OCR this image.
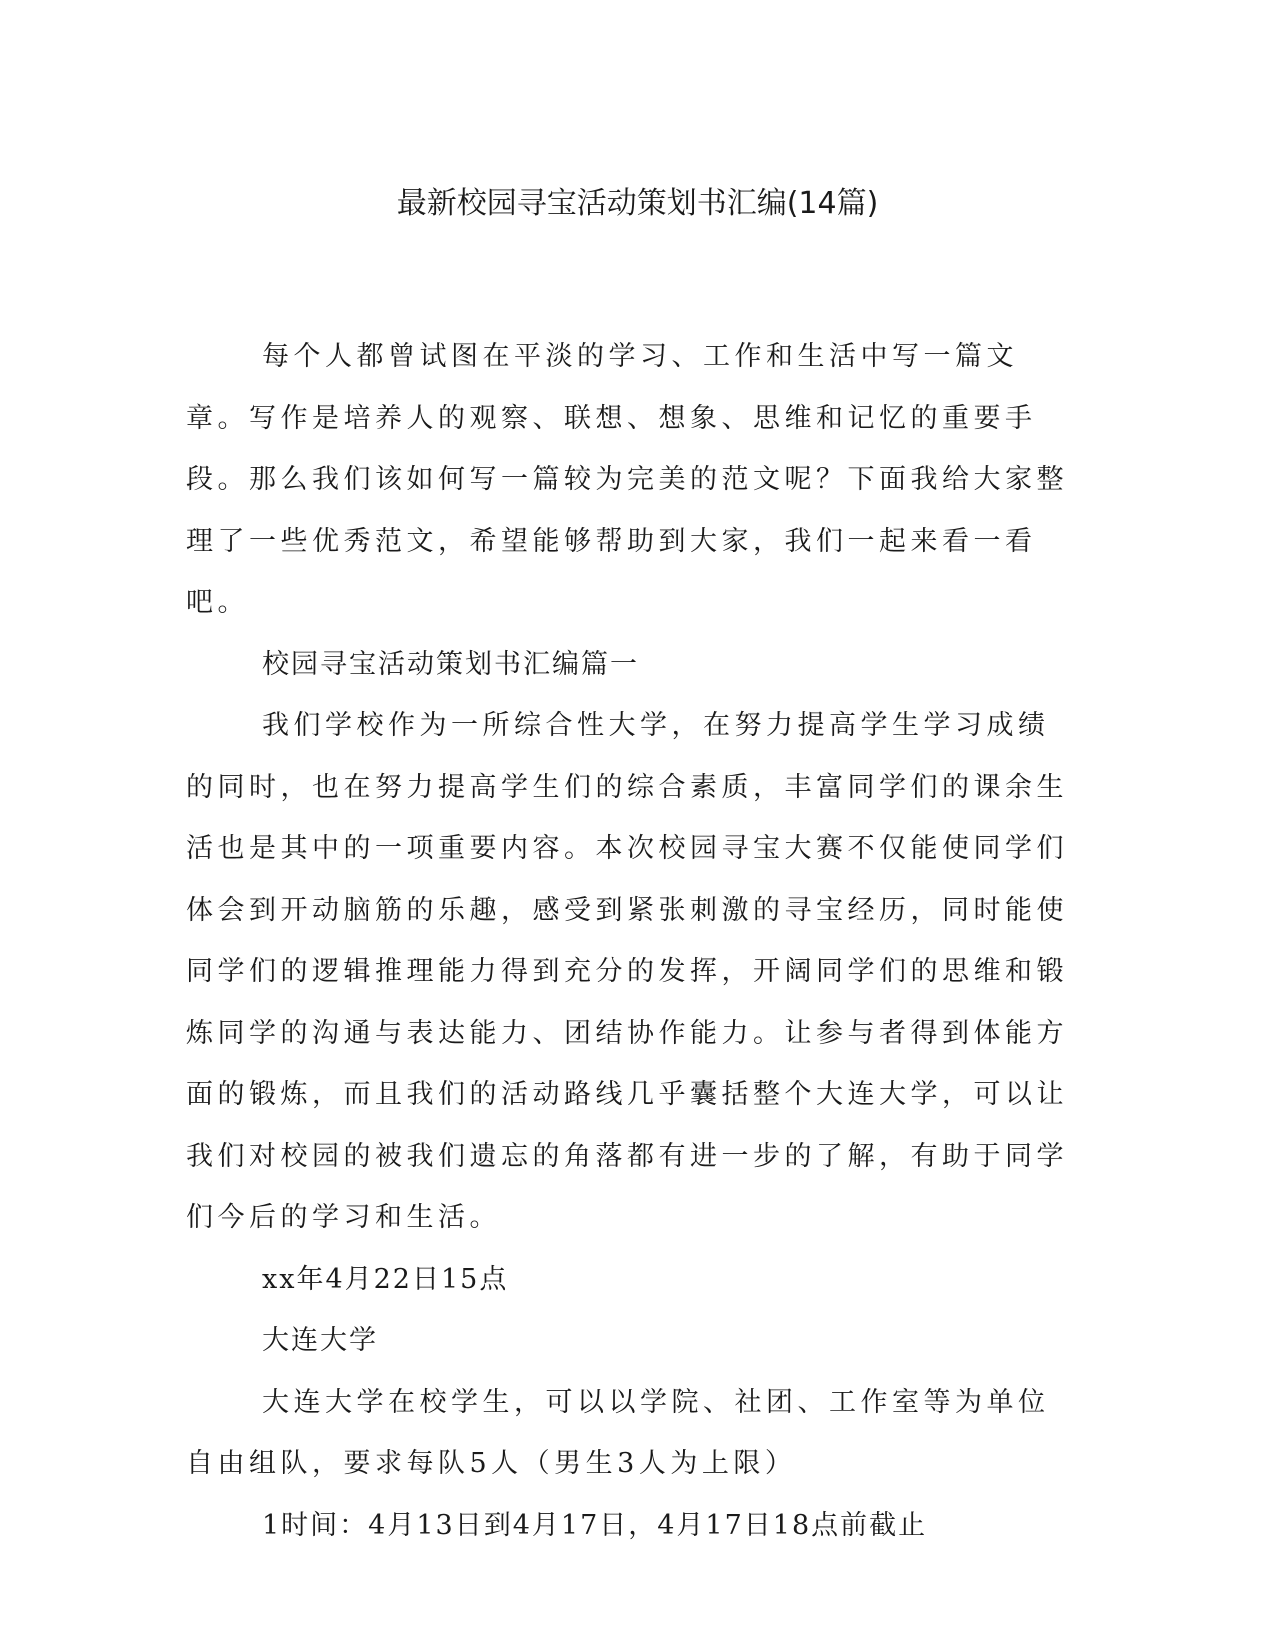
最新校园寻宝活动策划书汇编(14篇)

每个人都曾试图在平淡的学习、工作和生活中写一篇文章。写作是培养人的观察、联想、想象、思维和记忆的重要手段。那么我们该如何写一篇较为完美的范文呢？下面我给大家整理了一些优秀范文，希望能够帮助到大家，我们一起来看一看吧。

校园寻宝活动策划书汇编篇一

我们学校作为一所综合性大学，在努力提高学生学习成绩的同时，也在努力提高学生们的综合素质，丰富同学们的课余生活也是其中的一项重要内容。本次校园寻宝大赛不仅能使同学们体会到开动脑筋的乐趣，感受到紧张刺激的寻宝经历，同时能使同学们的逻辑推理能力得到充分的发挥，开阔同学们的思维和锻炼同学的沟通与表达能力、团结协作能力。让参与者得到体能方面的锻炼，而且我们的活动路线几乎囊括整个大连大学，可以让我们对校园的被我们遗忘的角落都有进一步的了解，有助于同学们今后的学习和生活。

xx年4月22日15点

大连大学

大连大学在校学生，可以以学院、社团、工作室等为单位自由组队，要求每队5人（男生3人为上限）

1时间：4月13日到4月17日，4月17日18点前截止
